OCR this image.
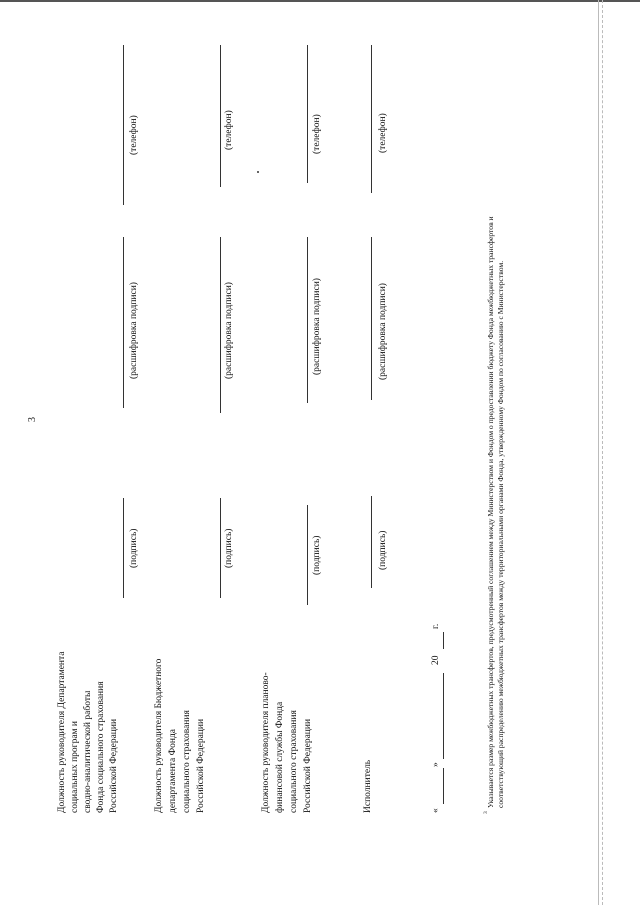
3
Должность руководителя Департамента социальных програм и сводно-аналитической работы Фонда социального страхования Российской Федерации
(подпись)
(расшифровка подписи)
(телефон)
Должность руководителя Бюджетного департамента Фонда социального страхования Российской Федерации
(подпись)
(расшифровка подписи)
(телефон)
Должность руководителя планово- финансовой службы Фонда социального страхования Российской Федерации
(подпись)
(расшифровка подписи)
(телефон)
Исполнитель
(подпись)
(расшифровка подписи)
(телефон)
«
»
20
г.
3
Указывается размер межбюджетных трансфертов, предусмотренный соглашением между Министерством и Фондом о предоставлении бюджету Фонда межбюджетных трансфертов и соответствующий распределению межбюджетных трансфертов между территориальными органами Фонда, утвержденному Фондом по согласованию с Министерством.
